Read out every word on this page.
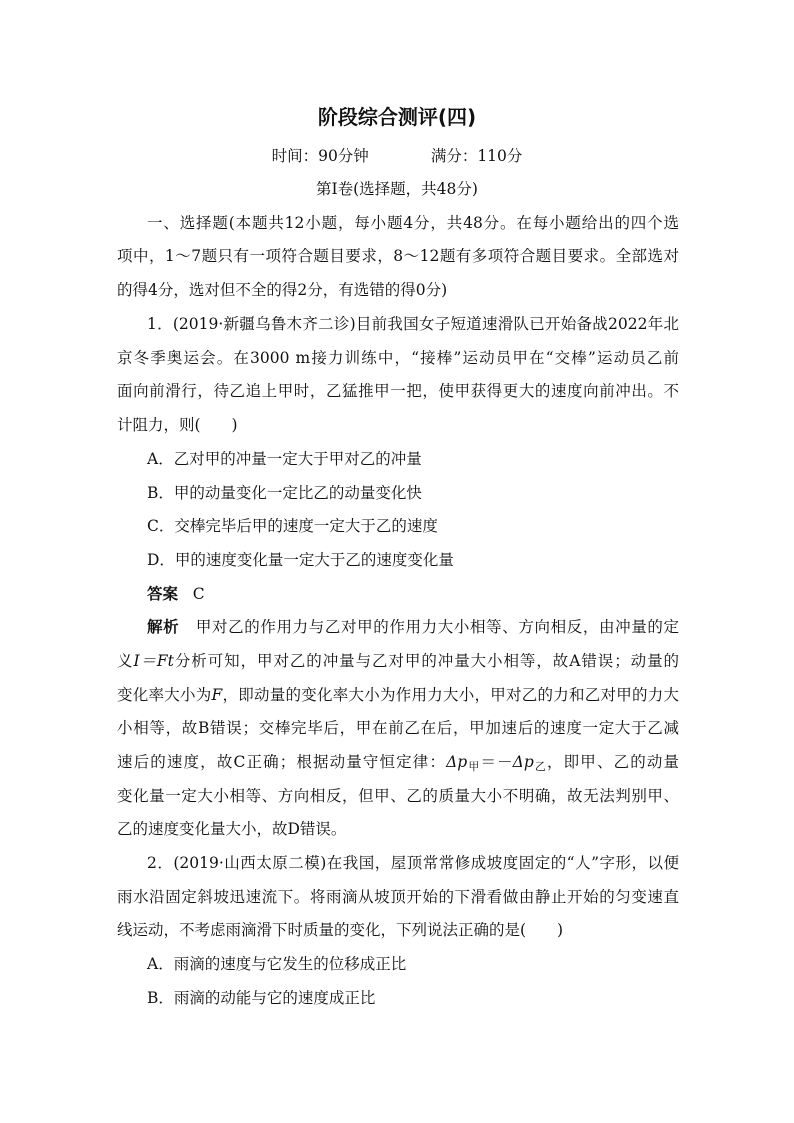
阶段综合测评(四)
时间：90分钟	满分：110分
第Ⅰ卷(选择题，共48分)
一、选择题(本题共12小题，每小题4分，共48分。在每小题给出的四个选
项中，1～7题只有一项符合题目要求，8～12题有多项符合题目要求。全部选对
的得4分，选对但不全的得2分，有选错的得0分)
1．(2019·新疆乌鲁木齐二诊)目前我国女子短道速滑队已开始备战2022年北
京冬季奥运会。在3000 m接力训练中，“接棒”运动员甲在“交棒”运动员乙前
面向前滑行，待乙追上甲时，乙猛推甲一把，使甲获得更大的速度向前冲出。不
计阻力，则(　　)
A．乙对甲的冲量一定大于甲对乙的冲量
B．甲的动量变化一定比乙的动量变化快
C．交棒完毕后甲的速度一定大于乙的速度
D．甲的速度变化量一定大于乙的速度变化量
答案 C
解析 甲对乙的作用力与乙对甲的作用力大小相等、方向相反，由冲量的定
义I＝Ft分析可知，甲对乙的冲量与乙对甲的冲量大小相等，故A错误；动量的
变化率大小为F，即动量的变化率大小为作用力大小，甲对乙的力和乙对甲的力大
小相等，故B错误；交棒完毕后，甲在前乙在后，甲加速后的速度一定大于乙减
速后的速度，故C正确；根据动量守恒定律：$\Delta p_甲=-\Delta p_乙$，即甲、乙的动量
变化量一定大小相等、方向相反，但甲、乙的质量大小不明确，故无法判别甲、
乙的速度变化量大小，故D错误。
2．(2019·山西太原二模)在我国，屋顶常常修成坡度固定的“人”字形，以便
雨水沿固定斜坡迅速流下。将雨滴从坡顶开始的下滑看做由静止开始的匀变速直
线运动，不考虑雨滴滑下时质量的变化，下列说法正确的是(　　)
A．雨滴的速度与它发生的位移成正比
B．雨滴的动能与它的速度成正比
